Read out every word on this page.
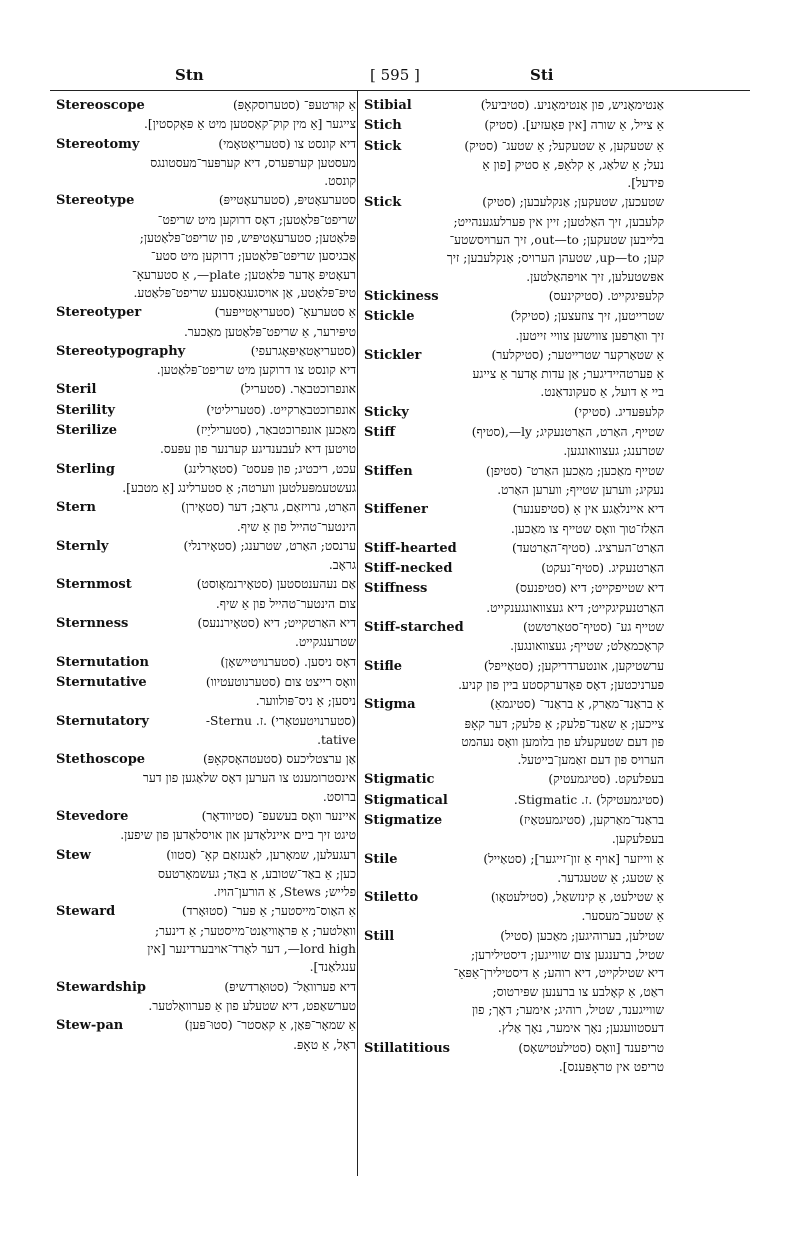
Stn	[ 595 ]	Sti
Stereoscope	אַ קוּרטעפּ־ (סטערוסקאָפּ)
צייגער [אַ מין קוק־קאַסטען מיט אַ פּאָקסטין].
Stereotomy	דיא קונסט צו (סטעריאָטאָמי)
מעסטען קערפּערס, דיא קערפּער־מעסטונגס
קונסט.
Stereotype	סטערעאָטיפּ, (סטערעאָטייפּ)
שריפט־פּלאַטען; דאָס דרוקען מיט שריפט־
פּלאַטען; סטערעאָטיפּיש, פון שריפט־פּלאַטען;
אַבגיסען שריפט־פּלאַטען; דרוקען מיט סטע־
רעאָטיפּ אָדער פּלאַטען; plate—, אַ סטערעאָ־
טיפּ־פּלאַטע, אַן אויסגעגאָסענע שריפט־פּלאַטע.
Stereotyper	אַ סטערעאָ־ (סטעריאָטייפּער)
טיפּירער, אַ שריפט־פּלאַטען מאַכער.
Stereotypography	(סטעריאָטאַיפּאָגרעפי)
דיא קונסט צו דרוקען מיט שריפט־פּלאַטען.
Steril	אונפרוכטבאַר. (סטעריל)
Sterility	אונפרוכטבאַרקייט. (סטעריליטי)
Sterilize	מאַכען אונפרוכטבאַר, (סטעריליַיז)
טויטען דיא לעבענדיגע קערנער פון עפּעס.
Sterling	עכט, ריכטיג; פון פּעסט־ (סטאָרלינג)
געשטעמפּעלטען ווערטה; אַ סטערלינג [אַ מטבע].
Stern	האַרט, גרויזאַם, גראָב; דער (סטאָירן)
הינטער־טהייל פון אַ שיף.
Sternly	ערנסט; האַרט, שטרענג; (סטאָירנלי)
גראָב.
Sternmost	אַם נעהענטסטען (סטאָירנמאָוסט)
צום הינטער־טהייל פון אַ שיף.
Sternness	דיא האַרטקייט; דיא (סטאָירננעס)
שטרענגקייט.
Sternutation	דאָס ניסען. (סטערנויטיישאָן)
Sternutative	וואָס רייצט צום (סטערנוטעטיוו)
ניסען; אַ ניס־פּולווער.
Sternutatory	(סטערנויטעטאָרי) .ז. Sternu-
tative.
Stethoscope	אַן ערצטליכעס (סטעטהאָסקאָפּ)
אינסטרומענט צו הערען דאָס שלאַגען פון דער
ברוסט.
Stevedore	איינער וואָס בעשעפ־ (סטיוודאָר)
טיגט זיך ביים איינלאַדען און אויסלאַדען פון שיפען.
Stew	רעגעלען, שמאָרען, לאַנגזאַם קאָ־ (סטוו)
כען; אַ באַד־שטובע, אַ באַד; געשמאָרטעס
פלייש; Stews, אַ הורען־הויז.
Steward	אַ האַוס־מייסטער; אַ פער־ (סטוּאָרד)
וואַלטער; אַ פּראָוויאַנט־מייסטער; אַ דינער;
lord high—, דער לאָרד־אויבערדינער [אין
ענגלאַנד].
Stewardship	דיא פערוואַל־ (סטוּאָרדשיפּ)
טערשאַפט, דיא שטעלע פון אַ פערוואַלטער.
Stew-pan	אַ שמאָר־פּאַן, אַ קאַסטר־ (סטוּ־פּען)
ראָל, אַ טאָפּ.
Stibial	אַנטימאָניש, פון אַנטימאָניע. (סטיביעל)
Stich	אַ צייל, אַ שורה [אין פּאָעזיע]. (סטיק)
Stick	אַ שטעקען, אַ שטעקעל; אַ שטעג־ (סטיק)
נעל; אַ שלאַג, אַ קלאַפּ, אַ סטיק [פון אַ
פידעל].
Stick	שטעכען, שטעקען; אַנקלעבען; (סטיק)
קלעבען, זיך האַלטען; זיין אין פערלעגענהייט;
בלייבען שטעקען; out—to, זיך הערויסשטע־
קען; up—to, שטעהן הערויס; אַנקלעבען; זיך
אפּשטעלען, זיך אויפהאַלטען.
Stickiness	קלעפּיגקייט. (סטיקינעס)
Stickle	שטרייטען, זיך צוזעצען; (סטיקל)
זיך וואַרפען צווישען צוויי זייטען.
Stickler	אַ שטאַרקער שטרייטער; (סטיקלער)
אַ פערטהיידיגער; אַן עדות אָדער אַ צייגע
ביי אַ דועל, אַ סעקונדאַנט.
Sticky	קלעפּעדיג. (סטיקי)
Stiff	שטייף, האַרט, האַרטנעקיג; ly—,(סטיף)
שטרענג; געצוואונגען.
Stiffen	שטייף מאַכען; מאַכען האַרט־ (סטיפן)
נעקיג; ווערען שטייף; ווערען האַרט.
Stiffener	דיא איינלאַגע אין אַ (סטיפענער)
האַלז־טוך וואָס שטייף צו מאַכען.
Stiff-hearted	האַרט־הערציג. (סטיף־האַרטעד)
Stiff-necked	האַרטנעקיג. (סטיף־נעקט)
Stiffness	דיא שטייפקייט; דיא (סטיפנעס)
האַרטנעקיגקייט; דיא געצוואונגענקייט.
Stiff-starched	שטייף גע־ (סטיף־סטאַרטשט)
קראָכמאַלט; שטייף; געצוואונגען.
Stifle	ערשטיקען, אונטערדריקען; (סטאַייפל)
פערניכטען; דאָס פאָדערקסטע ביין פון קניע.
Stigma	אַ בראַנד־מאַרק, אַ בראַנד־ (סטיגמאַ)
צייכען; אַ שאַנד־פלעק; אַ פלעק; דער קאָפּ
פון דעם שטעקעלע פון בלומען וואָס נעהמט
הערויס פון דעם זאַמען־בייטעל.
Stigmatic	בעפלעקט. (סטיגמעטיק)
Stigmatical	(סטיגמעטיקל) .ז. Stigmatic.
Stigmatize	בראַנד־מאַרקען, (סטיגמעטאַיז)
בעפלעקען.
Stile	אַ ווייזער [אויף אַ זון־זייגער]; (סטאַייל)
אַ שטעג; אַ שטעגדער.
Stiletto	אַ שטילעט, אַ קינזשאַל, (סטילעטאָו)
אַ שטעכ־מעסער.
Still	שטילען, בערוהיגען; מאַכען (סטיל)
שטיל, ברענגען צום שווייגען; דיסטילירען;
דיא שטילקייט, דיא רוהע; אַ דיסטילירן־אַפּאַ־
ראַט, אַ קאָלבע צו ברענען שפּירטוס;
שווייגענד, שטיל, רוהיג; אימער; דאָך; פון
דעסטוועגען; נאָך אימער, נאָך אַלץ.
Stillatitious	טריפענד [וואָס (סטילעטישאָס)
טריפט אין טראָפּענס].
